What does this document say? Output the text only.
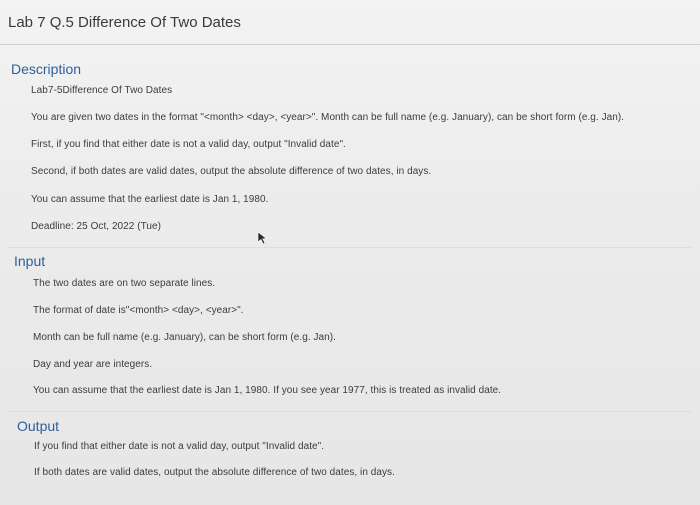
Lab 7 Q.5 Difference Of Two Dates
Description
Lab7-5Difference Of Two Dates
You are given two dates in the format "<month> <day>, <year>". Month can be full name (e.g. January), can be short form (e.g. Jan).
First, if you find that either date is not a valid day, output "Invalid date".
Second, if both dates are valid dates, output the absolute difference of two dates, in days.
You can assume that the earliest date is Jan 1, 1980.
Deadline: 25 Oct, 2022 (Tue)
Input
The two dates are on two separate lines.
The format of date is"<month> <day>, <year>".
Month can be full name (e.g. January), can be short form (e.g. Jan).
Day and year are integers.
You can assume that the earliest date is Jan 1, 1980. If you see year 1977, this is treated as invalid date.
Output
If you find that either date is not a valid day, output "Invalid date".
If both dates are valid dates, output the absolute difference of two dates, in days.
